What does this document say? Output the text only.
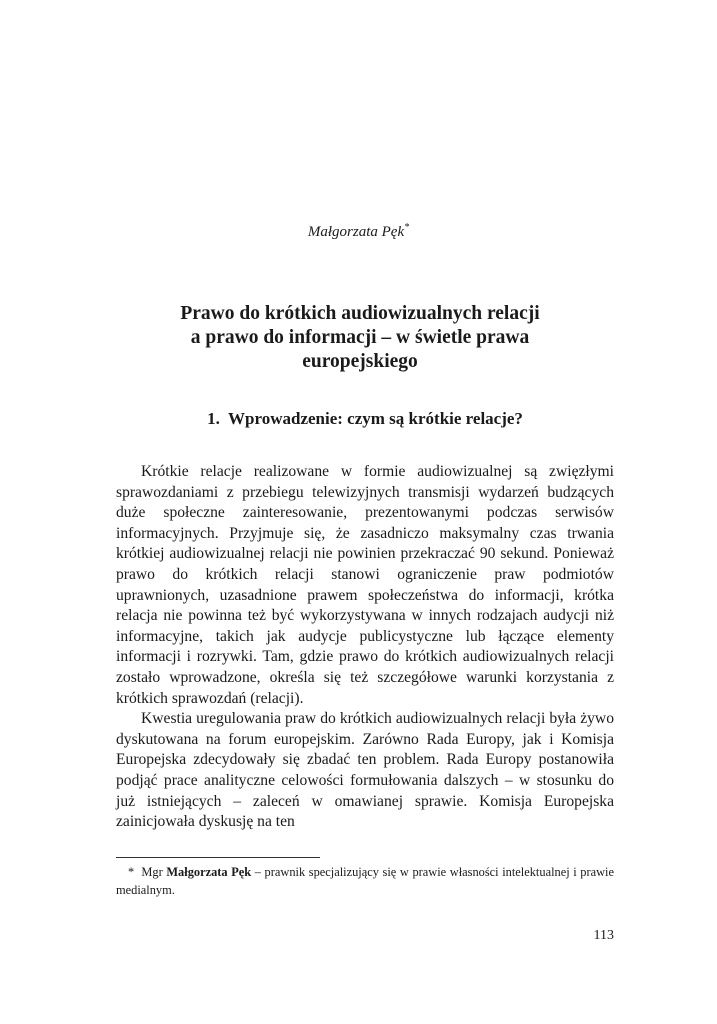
Małgorzata Pęk*
Prawo do krótkich audiowizualnych relacji
a prawo do informacji – w świetle prawa
europejskiego
1. Wprowadzenie: czym są krótkie relacje?

Krótkie relacje realizowane w formie audiowizualnej są zwięzłymi sprawozdaniami z przebiegu telewizyjnych transmisji wydarzeń budzących duże społeczne zainteresowanie, prezentowanymi podczas serwisów informacyjnych. Przyjmuje się, że zasadniczo maksymalny czas trwania krótkiej audiowizualnej relacji nie powinien przekraczać 90 sekund. Ponieważ prawo do krótkich relacji stanowi ograniczenie praw podmiotów uprawnionych, uzasadnione prawem społeczeństwa do informacji, krótka relacja nie powinna też być wykorzystywana w innych rodzajach audycji niż informacyjne, takich jak audycje publicystyczne lub łączące elementy informacji i rozrywki. Tam, gdzie prawo do krótkich audiowizualnych relacji zostało wprowadzone, określa się też szczegółowe warunki korzystania z krótkich sprawozdań (relacji).

Kwestia uregulowania praw do krótkich audiowizualnych relacji była żywo dyskutowana na forum europejskim. Zarówno Rada Europy, jak i Komisja Europejska zdecydowały się zbadać ten problem. Rada Europy postanowiła podjąć prace analityczne celowości formułowania dalszych – w stosunku do już istniejących – zaleceń w omawianej sprawie. Komisja Europejska zainicjowała dyskusję na ten

* Mgr Małgorzata Pęk – prawnik specjalizujący się w prawie własności intelektualnej i prawie medialnym.

113
